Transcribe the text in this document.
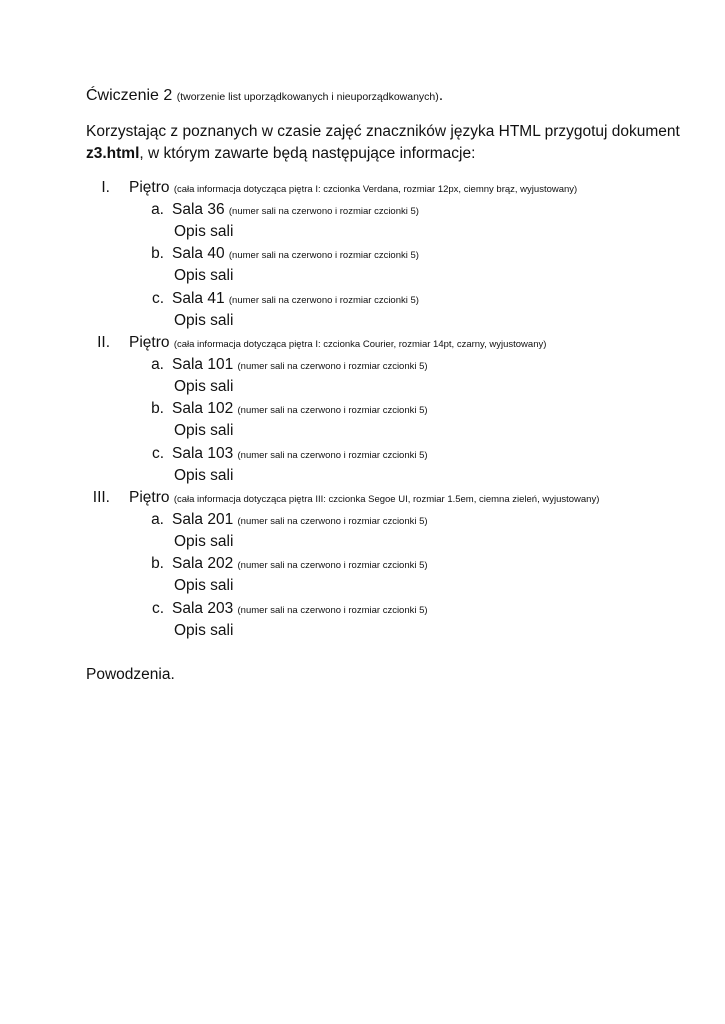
Ćwiczenie 2 (tworzenie list uporządkowanych i nieuporządkowanych).
Korzystając z poznanych w czasie zajęć znaczników języka HTML przygotuj dokument
z3.html, w którym zawarte będą następujące informacje:
I. Piętro (cała informacja dotycząca piętra I: czcionka Verdana, rozmiar 12px, ciemny brąz, wyjustowany)
a. Sala 36 (numer sali na czerwono i rozmiar czcionki 5)
Opis sali
b. Sala 40 (numer sali na czerwono i rozmiar czcionki 5)
Opis sali
c. Sala 41 (numer sali na czerwono i rozmiar czcionki 5)
Opis sali
II. Piętro (cała informacja dotycząca piętra I: czcionka Courier, rozmiar 14pt, czarny, wyjustowany)
a. Sala 101 (numer sali na czerwono i rozmiar czcionki 5)
Opis sali
b. Sala 102 (numer sali na czerwono i rozmiar czcionki 5)
Opis sali
c. Sala 103 (numer sali na czerwono i rozmiar czcionki 5)
Opis sali
III. Piętro (cała informacja dotycząca piętra III: czcionka Segoe UI, rozmiar 1.5em, ciemna zieleń, wyjustowany)
a. Sala 201 (numer sali na czerwono i rozmiar czcionki 5)
Opis sali
b. Sala 202 (numer sali na czerwono i rozmiar czcionki 5)
Opis sali
c. Sala 203 (numer sali na czerwono i rozmiar czcionki 5)
Opis sali
Powodzenia.
